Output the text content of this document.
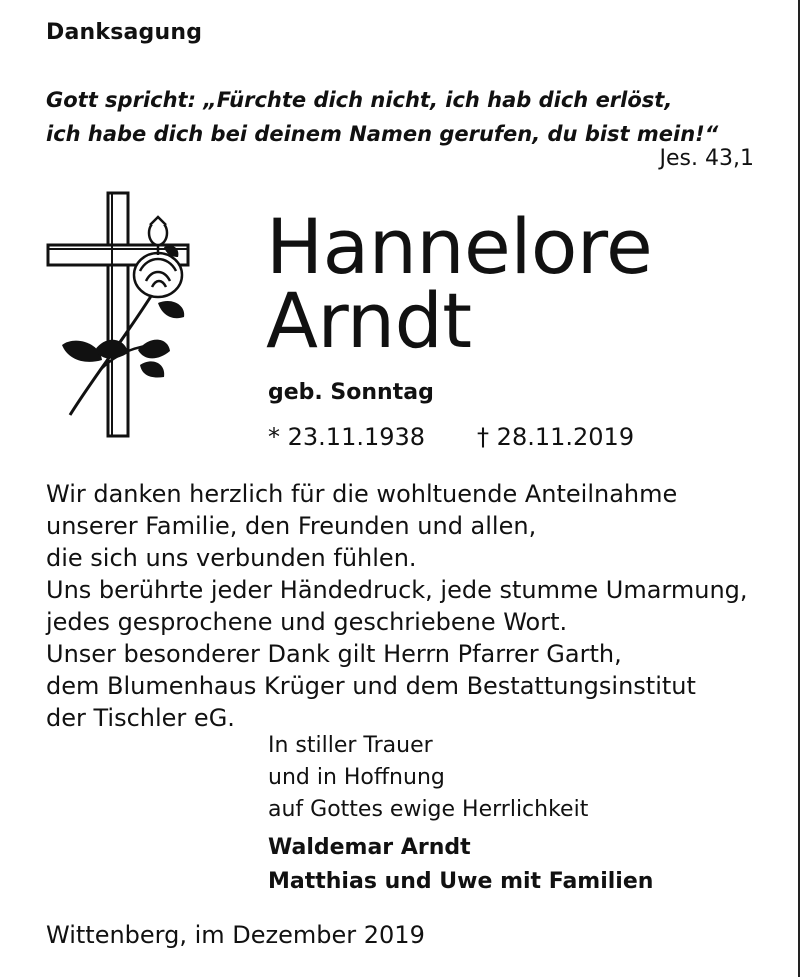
Danksagung
Gott spricht: „Fürchte dich nicht, ich hab dich erlöst,
ich habe dich bei deinem Namen gerufen, du bist mein!“
Jes. 43,1
Hannelore
Arndt
geb. Sonntag
* 23.11.1938 † 28.11.2019
Wir danken herzlich für die wohltuende Anteilnahme
unserer Familie, den Freunden und allen,
die sich uns verbunden fühlen.
Uns berührte jeder Händedruck, jede stumme Umarmung,
jedes gesprochene und geschriebene Wort.
Unser besonderer Dank gilt Herrn Pfarrer Garth,
dem Blumenhaus Krüger und dem Bestattungsinstitut
der Tischler eG.
In stiller Trauer
und in Hoffnung
auf Gottes ewige Herrlichkeit
Waldemar Arndt
Matthias und Uwe mit Familien
Wittenberg, im Dezember 2019
